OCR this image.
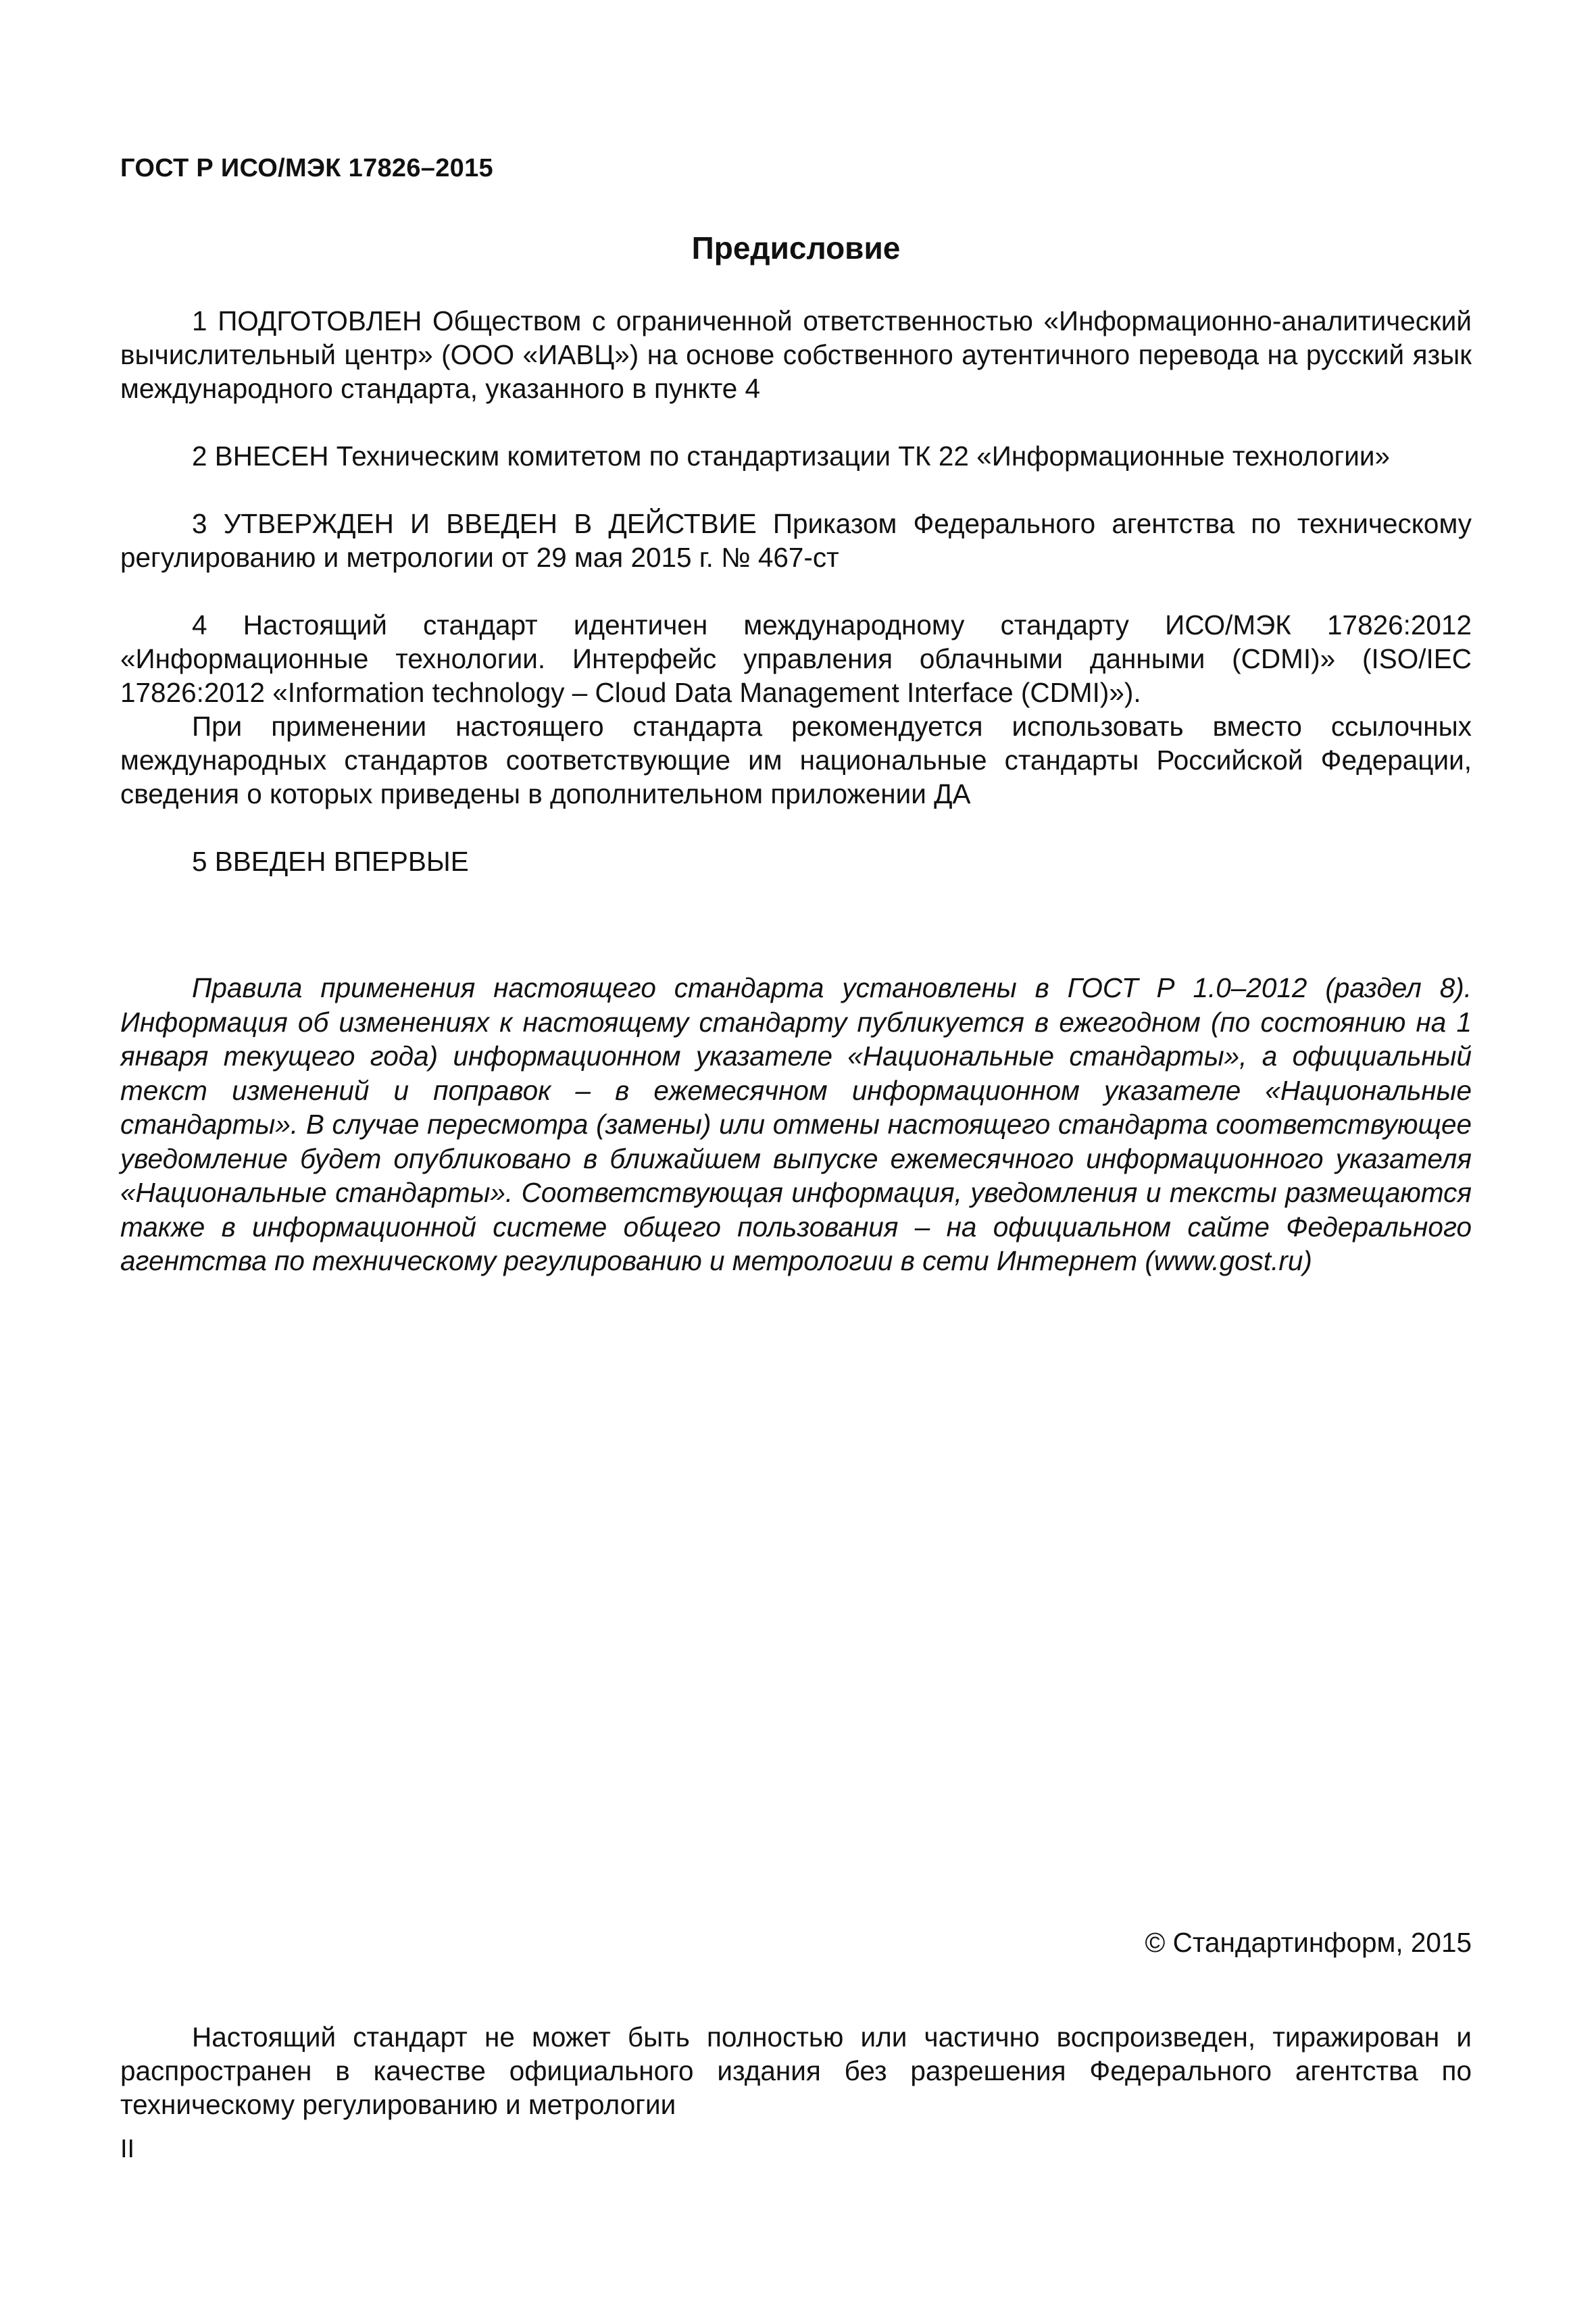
ГОСТ Р ИСО/МЭК 17826–2015
Предисловие

1 ПОДГОТОВЛЕН Обществом с ограниченной ответственностью «Информационно-аналитический вычислительный центр» (ООО «ИАВЦ») на основе собственного аутентичного перевода на русский язык международного стандарта, указанного в пункте 4

2 ВНЕСЕН Техническим комитетом по стандартизации ТК 22 «Информационные технологии»

3 УТВЕРЖДЕН И ВВЕДЕН В ДЕЙСТВИЕ Приказом Федерального агентства по техническому регулированию и метрологии от 29 мая 2015 г. № 467-ст

4 Настоящий стандарт идентичен международному стандарту ИСО/МЭК 17826:2012 «Информационные технологии. Интерфейс управления облачными данными (CDMI)» (ISO/IEC 17826:2012 «Information technology – Cloud Data Management Interface (CDMI)»).

При применении настоящего стандарта рекомендуется использовать вместо ссылочных международных стандартов соответствующие им национальные стандарты Российской Федерации, сведения о которых приведены в дополнительном приложении ДА

5 ВВЕДЕН ВПЕРВЫЕ

Правила применения настоящего стандарта установлены в ГОСТ Р 1.0–2012 (раздел 8). Информация об изменениях к настоящему стандарту публикуется в ежегодном (по состоянию на 1 января текущего года) информационном указателе «Национальные стандарты», а официальный текст изменений и поправок – в ежемесячном информационном указателе «Национальные стандарты». В случае пересмотра (замены) или отмены настоящего стандарта соответствующее уведомление будет опубликовано в ближайшем выпуске ежемесячного информационного указателя «Национальные стандарты». Соответствующая информация, уведомления и тексты размещаются также в информационной системе общего пользования – на официальном сайте Федерального агентства по техническому регулированию и метрологии в сети Интернет (www.gost.ru)

© Стандартинформ, 2015

Настоящий стандарт не может быть полностью или частично воспроизведен, тиражирован и распространен в качестве официального издания без разрешения Федерального агентства по техническому регулированию и метрологии

II
